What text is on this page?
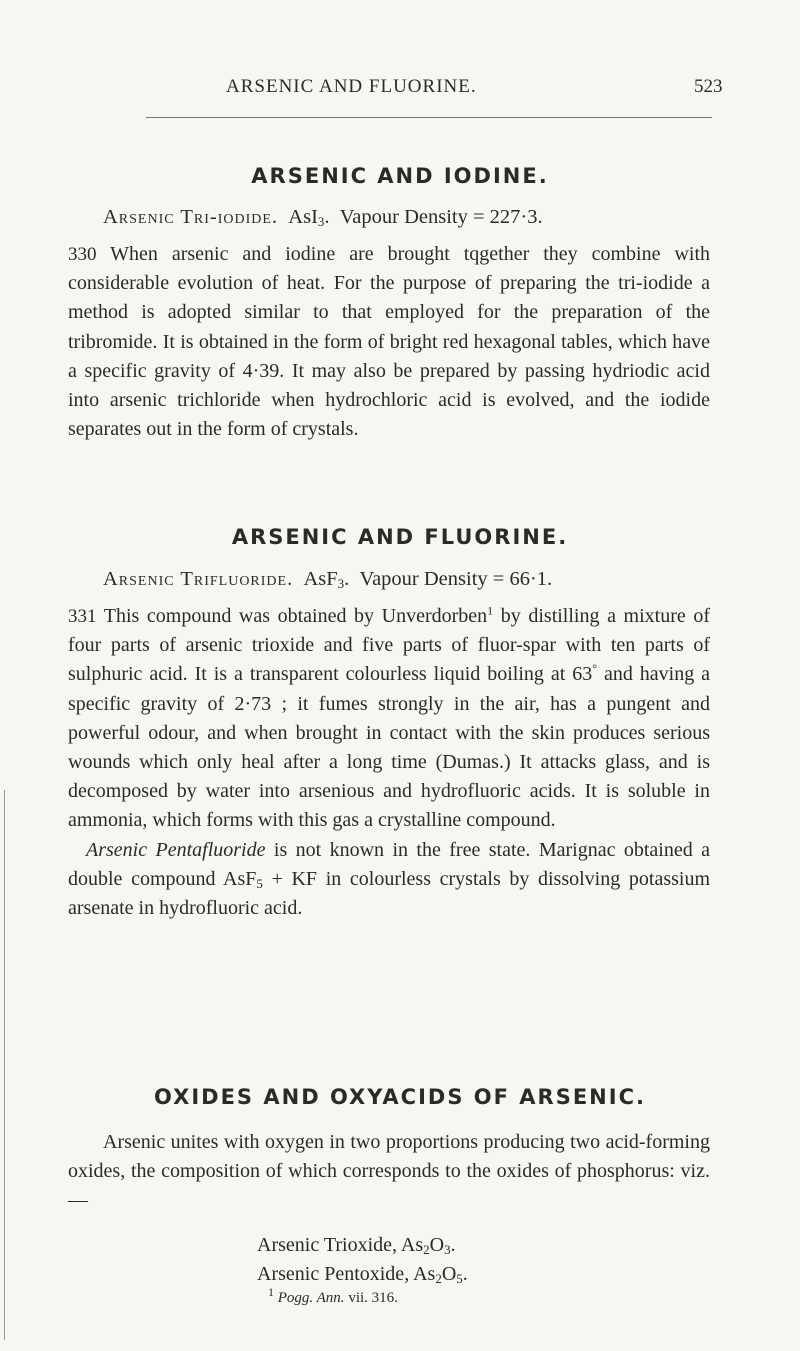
ARSENIC AND FLUORINE.	523
ARSENIC AND IODINE.
Arsenic Tri-iodide. AsI$_3$.  Vapour Density = 227·3.

330 When arsenic and iodine are brought tqgether they combine with considerable evolution of heat. For the purpose of preparing the tri-iodide a method is adopted similar to that employed for the preparation of the tribromide. It is obtained in the form of bright red hexagonal tables, which have a specific gravity of 4·39. It may also be prepared by passing hydriodic acid into arsenic trichloride when hydrochloric acid is evolved, and the iodide separates out in the form of crystals.

ARSENIC AND FLUORINE.
Arsenic Trifluoride. AsF$_3$.  Vapour Density = 66·1.

331 This compound was obtained by Unverdorben$^1$ by distilling a mixture of four parts of arsenic trioxide and five parts of fluor-spar with ten parts of sulphuric acid. It is a transparent colourless liquid boiling at 63° and having a specific gravity of 2·73 ; it fumes strongly in the air, has a pungent and powerful odour, and when brought in contact with the skin produces serious wounds which only heal after a long time (Dumas.) It attacks glass, and is decomposed by water into arsenious and hydrofluoric acids. It is soluble in ammonia, which forms with this gas a crystalline compound.
Arsenic Pentafluoride is not known in the free state. Marignac obtained a double compound AsF$_5$ + KF in colourless crystals by dissolving potassium arsenate in hydrofluoric acid.

OXIDES AND OXYACIDS OF ARSENIC.

Arsenic unites with oxygen in two proportions producing two acid-forming oxides, the composition of which corresponds to the oxides of phosphorus: viz.—

Arsenic Trioxide, $As_2O_3$.
Arsenic Pentoxide, $As_2O_5$.
$^1$ Pogg. Ann. vii. 316.
